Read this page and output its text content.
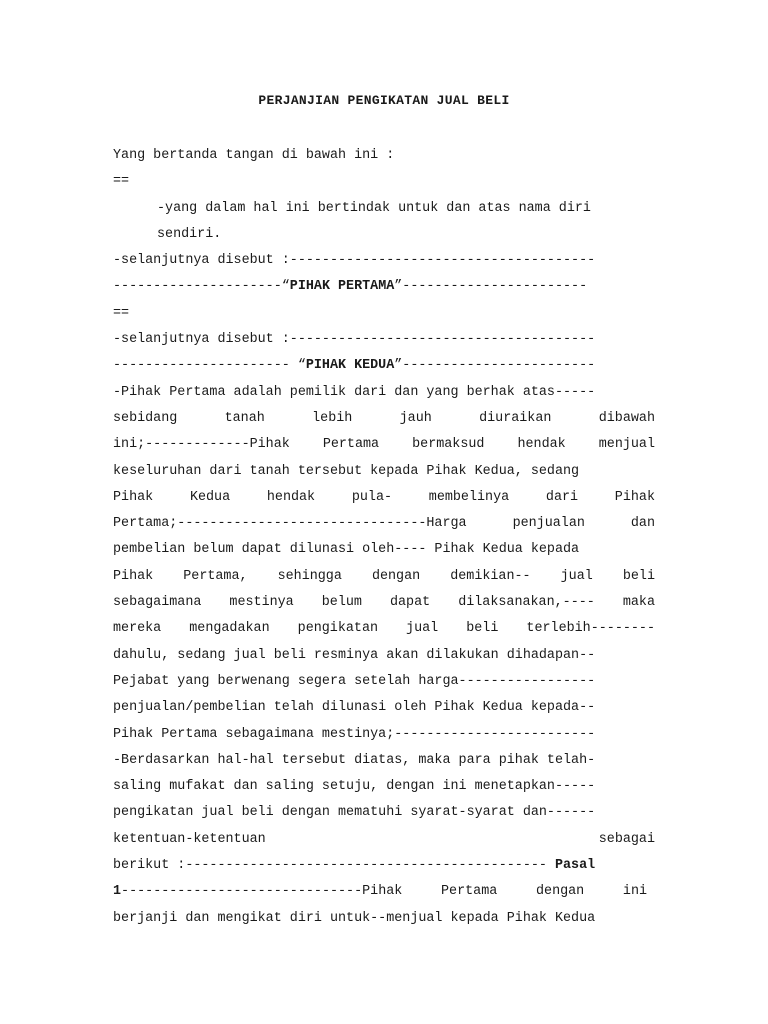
PERJANJIAN PENGIKATAN JUAL BELI
Yang bertanda tangan di bawah ini :
==
-yang dalam hal ini bertindak untuk dan atas nama diri
sendiri.
-selanjutnya disebut :--------------------------------------
---------------------“PIHAK PERTAMA”-----------------------
==
-selanjutnya disebut :--------------------------------------
---------------------- “PIHAK KEDUA”------------------------
-Pihak Pertama adalah pemilik dari dan yang berhak atas-----
sebidang tanah lebih jauh diuraikan dibawah
ini;-------------Pihak Pertama bermaksud hendak menjual
keseluruhan dari tanah tersebut kepada Pihak Kedua, sedang
Pihak Kedua hendak pula- membelinya dari Pihak
Pertama;-------------------------------Harga penjualan dan
pembelian belum dapat dilunasi oleh---- Pihak Kedua kepada
Pihak Pertama, sehingga dengan demikian-- jual beli
sebagaimana mestinya belum dapat dilaksanakan,---- maka
mereka mengadakan pengikatan jual beli terlebih--------
dahulu, sedang jual beli resminya akan dilakukan dihadapan--
Pejabat yang berwenang segera setelah harga-----------------
penjualan/pembelian telah dilunasi oleh Pihak Kedua kepada--
Pihak Pertama sebagaimana mestinya;-------------------------
-Berdasarkan hal-hal tersebut diatas, maka para pihak telah-
saling mufakat dan saling setuju, dengan ini menetapkan-----
pengikatan jual beli dengan mematuhi syarat-syarat dan------
ketentuan-ketentuan sebagai
berikut :--------------------------------------------- Pasal
1------------------------------Pihak Pertama dengan ini
berjanji dan mengikat diri untuk--menjual kepada Pihak Kedua
